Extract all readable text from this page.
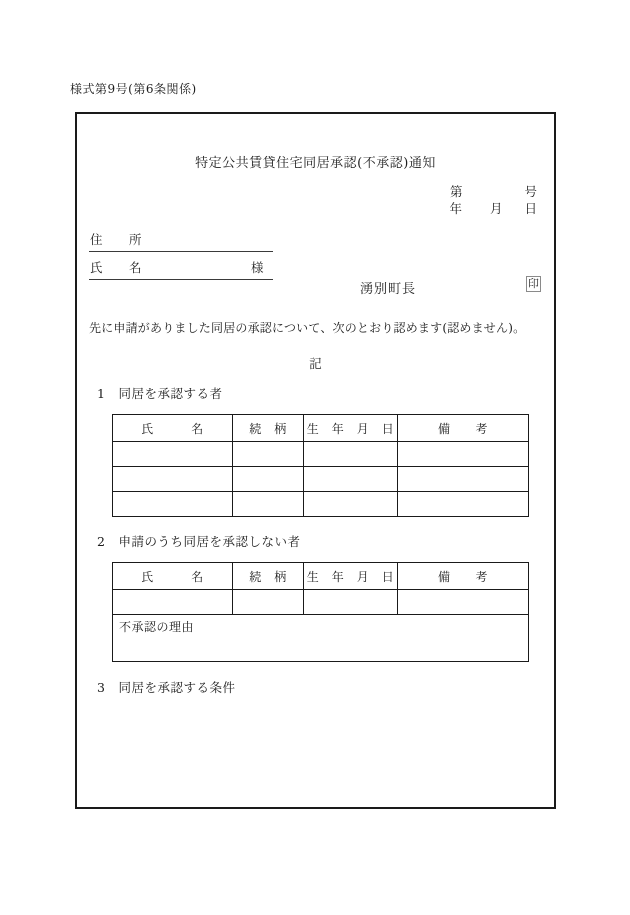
様式第9号(第6条関係)
特定公共賃貸住宅同居承認(不承認)通知
第	号
年 月 日
住　　所
氏　　名	様
湧別町長	印
先に申請がありました同居の承認について、次のとおり認めます(認めません)。
記
1　同居を承認する者
氏　　　名	続　柄	生　年　月　日	備　　考

2　申請のうち同居を承認しない者
氏　　　名	続　柄	生　年　月　日	備　　考

不承認の理由			
3　同居を承認する条件
